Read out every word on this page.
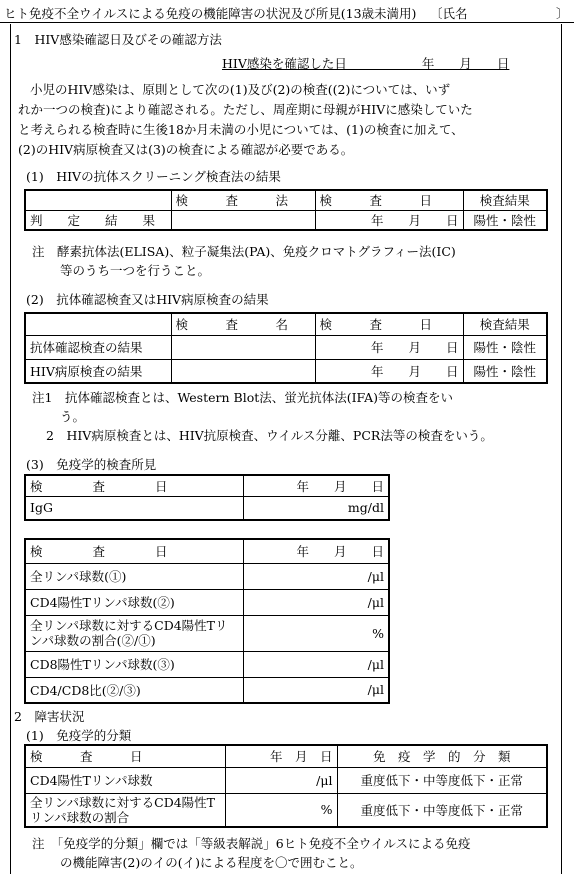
ヒト免疫不全ウイルスによる免疫の機能障害の状況及び所見(13歳未満用) 〔氏名	〕
1　HIV感染確認日及びその確認方法
HIV感染を確認した日　　　　　　年　　月　　日
小児のHIV感染は、原則として次の(1)及び(2)の検査((2)については、いず
れか一つの検査)により確認される。ただし、周産期に母親がHIVに感染していた
と考えられる検査時に生後18か月未満の小児については、(1)の検査に加えて、
(2)のHIV病原検査又は(3)の検査による確認が必要である。
(1)　HIVの抗体スクリーニング検査法の結果
	検　　　査　　　法	検　　　査　　　日	検査結果
判　　定　　結　　果		年　　月　　日	陽性・陰性
注　酵素抗体法(ELISA)、粒子凝集法(PA)、免疫クロマトグラフィー法(IC)
等のうち一つを行うこと。
(2)　抗体確認検査又はHIV病原検査の結果
	検　　　査　　　名	検　　　査　　　日	検査結果
抗体確認検査の結果		年　　月　　日	陽性・陰性
HIV病原検査の結果		年　　月　　日	陽性・陰性
注1　抗体確認検査とは、Western Blot法、蛍光抗体法(IFA)等の検査をい
う。
2　HIV病原検査とは、HIV抗原検査、ウイルス分離、PCR法等の検査をいう。
(3)　免疫学的検査所見
検　　　　査　　　　日	年　　月　　日
IgG	mg/dl
検　　　　査　　　　日	年　　月　　日
全リンパ球数(①)	/μl
CD4陽性Tリンパ球数(②)	/μl
全リンパ球数に対するCD4陽性Tリンパ球数の割合(②/①)	%
CD8陽性Tリンパ球数(③)	/μl
CD4/CD8比(②/③)	/μl
2　障害状況
(1)　免疫学的分類
検　　　査　　　日	年　月　日	免　疫　学　的　分　類
CD4陽性Tリンパ球数	/μl	重度低下・中等度低下・正常
全リンパ球数に対するCD4陽性Tリンパ球数の割合	%	重度低下・中等度低下・正常
注　「免疫学的分類」欄では「等級表解説」6ヒト免疫不全ウイルスによる免疫
の機能障害(2)のイの(イ)による程度を〇で囲むこと。
